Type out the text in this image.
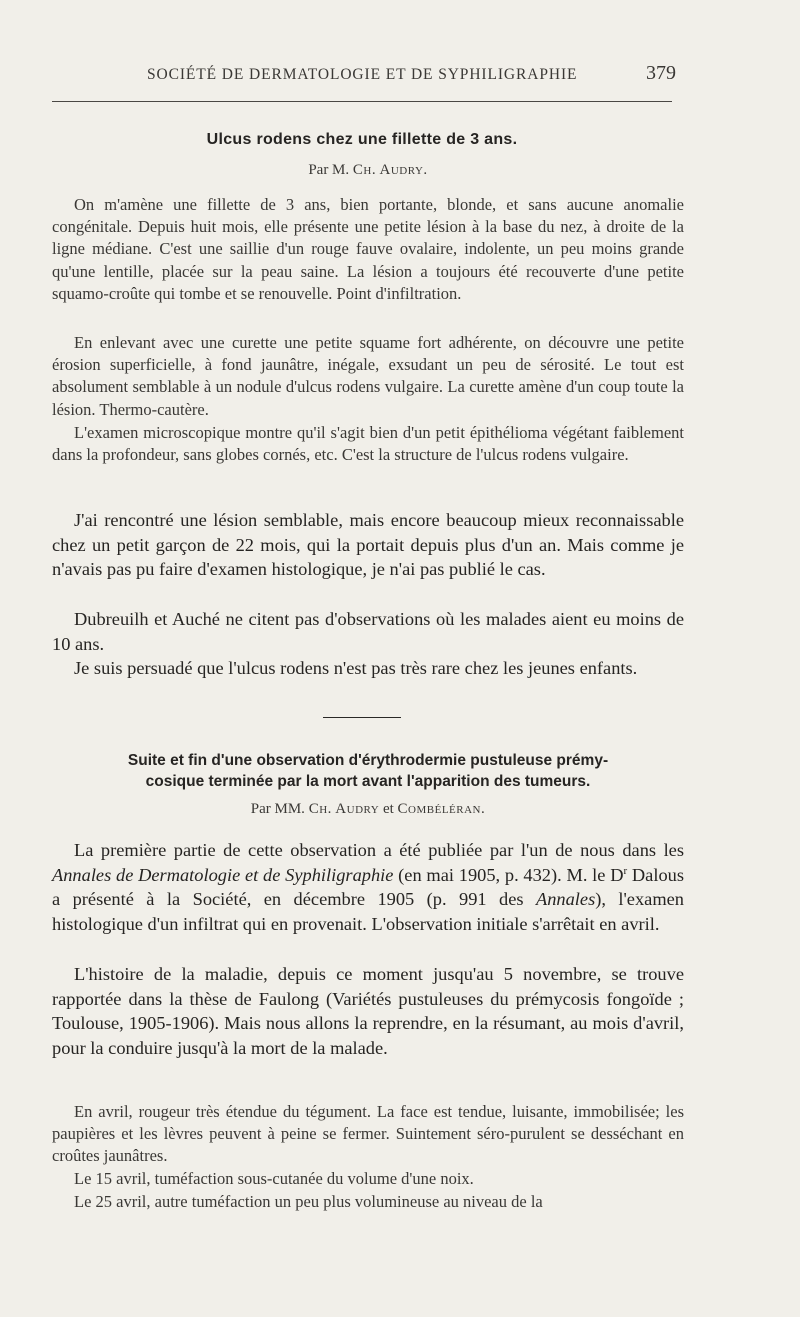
SOCIÉTÉ DE DERMATOLOGIE ET DE SYPHILIGRAPHIE	379
Ulcus rodens chez une fillette de 3 ans.
Par M. Ch. Audry.

On m'amène une fillette de 3 ans, bien portante, blonde, et sans aucune anomalie congénitale. Depuis huit mois, elle présente une petite lésion à la base du nez, à droite de la ligne médiane. C'est une saillie d'un rouge fauve ovalaire, indolente, un peu moins grande qu'une lentille, placée sur la peau saine. La lésion a toujours été recouverte d'une petite squamo-croûte qui tombe et se renouvelle. Point d'infiltration.

En enlevant avec une curette une petite squame fort adhérente, on découvre une petite érosion superficielle, à fond jaunâtre, inégale, exsudant un peu de sérosité. Le tout est absolument semblable à un nodule d'ulcus rodens vulgaire. La curette amène d'un coup toute la lésion. Thermo-cautère.

L'examen microscopique montre qu'il s'agit bien d'un petit épithélioma végétant faiblement dans la profondeur, sans globes cornés, etc. C'est la structure de l'ulcus rodens vulgaire.

J'ai rencontré une lésion semblable, mais encore beaucoup mieux reconnaissable chez un petit garçon de 22 mois, qui la portait depuis plus d'un an. Mais comme je n'avais pas pu faire d'examen histologique, je n'ai pas publié le cas.

Dubreuilh et Auché ne citent pas d'observations où les malades aient eu moins de 10 ans.

Je suis persuadé que l'ulcus rodens n'est pas très rare chez les jeunes enfants.

Suite et fin d'une observation d'érythrodermie pustuleuse prémy-
cosique terminée par la mort avant l'apparition des tumeurs.
Par MM. Ch. Audry et Combéléran.

La première partie de cette observation a été publiée par l'un de nous dans les Annales de Dermatologie et de Syphiligraphie (en mai 1905, p. 432). M. le $D^r$ Dalous a présenté à la Société, en décembre 1905 (p. 991 des Annales), l'examen histologique d'un infiltrat qui en provenait. L'observation initiale s'arrêtait en avril.

L'histoire de la maladie, depuis ce moment jusqu'au 5 novembre, se trouve rapportée dans la thèse de Faulong (Variétés pustuleuses du prémycosis fongoïde ; Toulouse, 1905-1906). Mais nous allons la reprendre, en la résumant, au mois d'avril, pour la conduire jusqu'à la mort de la malade.

En avril, rougeur très étendue du tégument. La face est tendue, luisante, immobilisée; les paupières et les lèvres peuvent à peine se fermer. Suintement séro-purulent se desséchant en croûtes jaunâtres.

Le 15 avril, tuméfaction sous-cutanée du volume d'une noix.

Le 25 avril, autre tuméfaction un peu plus volumineuse au niveau de la
